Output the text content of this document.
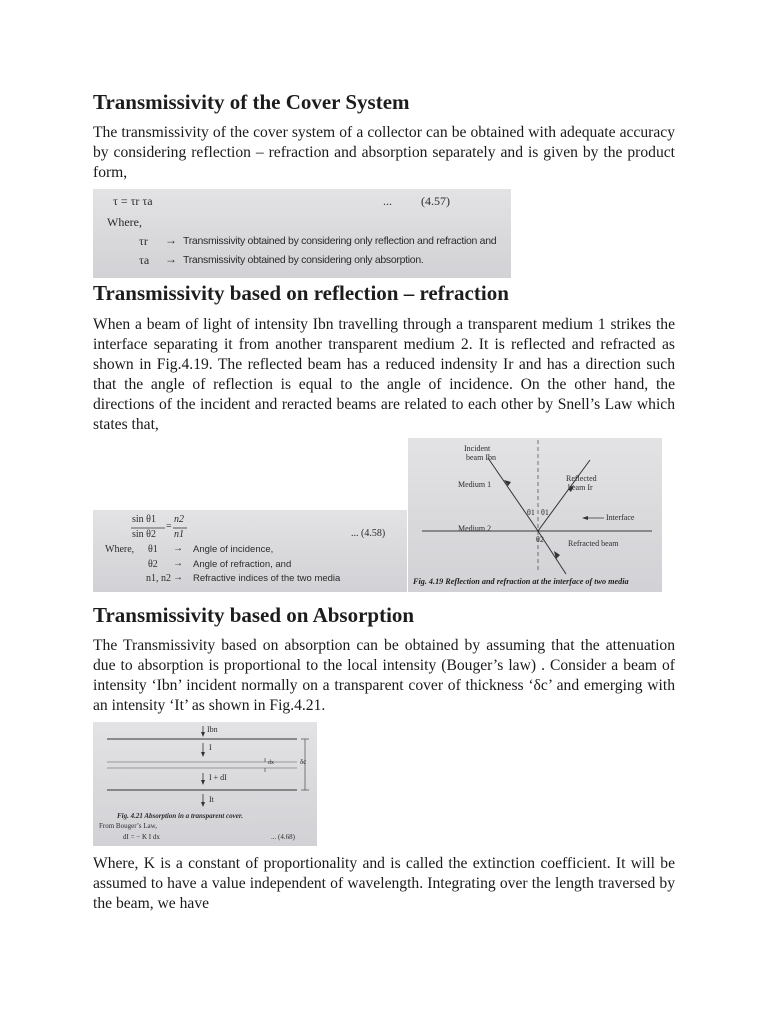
Transmissivity of the Cover System

The transmissivity of the cover system of a collector can be obtained with adequate accuracy by considering reflection – refraction and absorption separately and is given by the product form,

τ = τr τa	... (4.57)
Where,
τr → Transmissivity obtained by considering only reflection and refraction and
τa → Transmissivity obtained by considering only absorption.
Transmissivity based on reflection – refraction

When a beam of light of intensity Ibn travelling through a transparent medium 1 strikes the interface separating it from another transparent medium 2. It is reflected and refracted as shown in Fig.4.19. The reflected beam has a reduced indensity Ir and has a direction such that the angle of reflection is equal to the angle of incidence. On the other hand, the directions of the incident and reracted beams are related to each other by Snell’s Law which states that,

Incident
beam Ibn
Medium 1
θ1 θ1
Reflected
beam Ir
Interface
Medium 2
θ2	Refracted beam
Fig. 4.19 Reflection and refraction at the interface of two media
sin θ1
sin θ2
=
n2
n1	... (4.58)
Where, θ1 → Angle of incidence,
θ2 → Angle of refraction, and
n1, n2 → Refractive indices of the two media
Transmissivity based on Absorption

The Transmissivity based on absorption can be obtained by assuming that the attenuation due to absorption is proportional to the local intensity (Bouger’s law) . Consider a beam of intensity ‘Ibn’ incident normally on a transparent cover of thickness ‘δc’ and emerging with an intensity ‘It’ as shown in Fig.4.21.

Ibn
I
dx
I + dI
δc
It
Fig. 4.21 Absorption in a transparent cover.
From Bouger’s Law,
dI = − K I dx	... (4.68)

Where, K is a constant of proportionality and is called the extinction coefficient. It will be assumed to have a value independent of wavelength. Integrating over the length traversed by the beam, we have
